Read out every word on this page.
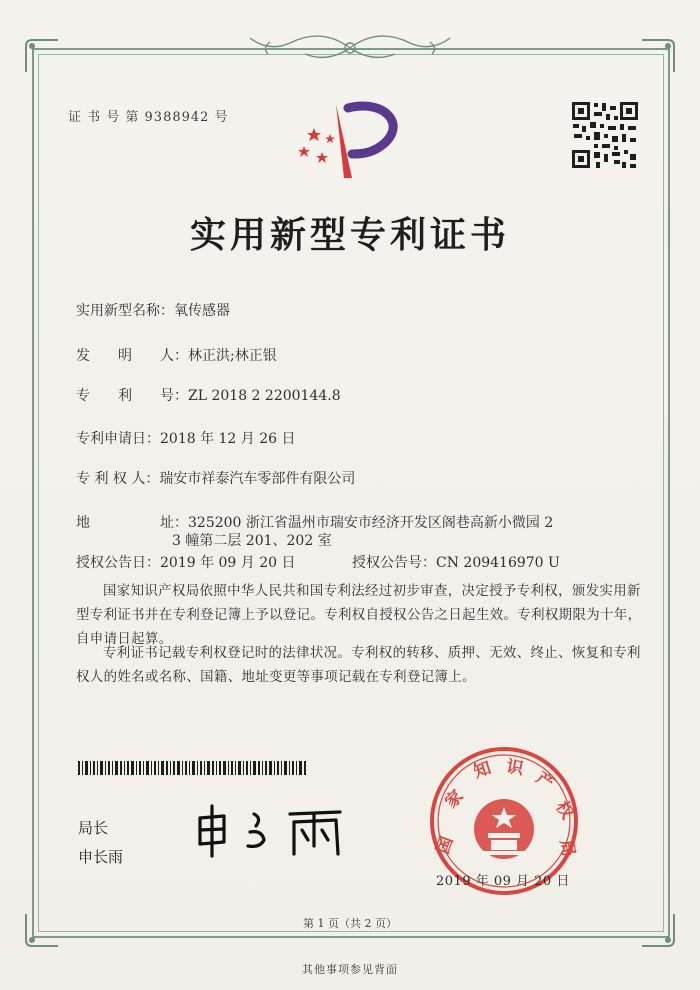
证 书 号 第 9388942 号
实用新型专利证书
实用新型名称：氧传感器
发　　明　　人：林正洪;林正银
专　　利　　号：ZL 2018 2 2200144.8
专利申请日：2018 年 12 月 26 日
专 利 权 人：瑞安市祥泰汽车零部件有限公司
地　　　　　址：325200 浙江省温州市瑞安市经济开发区阁巷高新小微园 2
3 幢第二层 201、202 室
授权公告日：2019 年 09 月 20 日	授权公告号：CN 209416970 U
国家知识产权局依照中华人民共和国专利法经过初步审查，决定授予专利权，颁发实用新型专利证书并在专利登记簿上予以登记。专利权自授权公告之日起生效。专利权期限为十年，自申请日起算。
专利证书记载专利权登记时的法律状况。专利权的转移、质押、无效、终止、恢复和专利权人的姓名或名称、国籍、地址变更等事项记载在专利登记簿上。
局长
申长雨
国
家
知 识 产
权
局
2019 年 09 月 20 日
第 1 页（共 2 页）
其他事项参见背面
